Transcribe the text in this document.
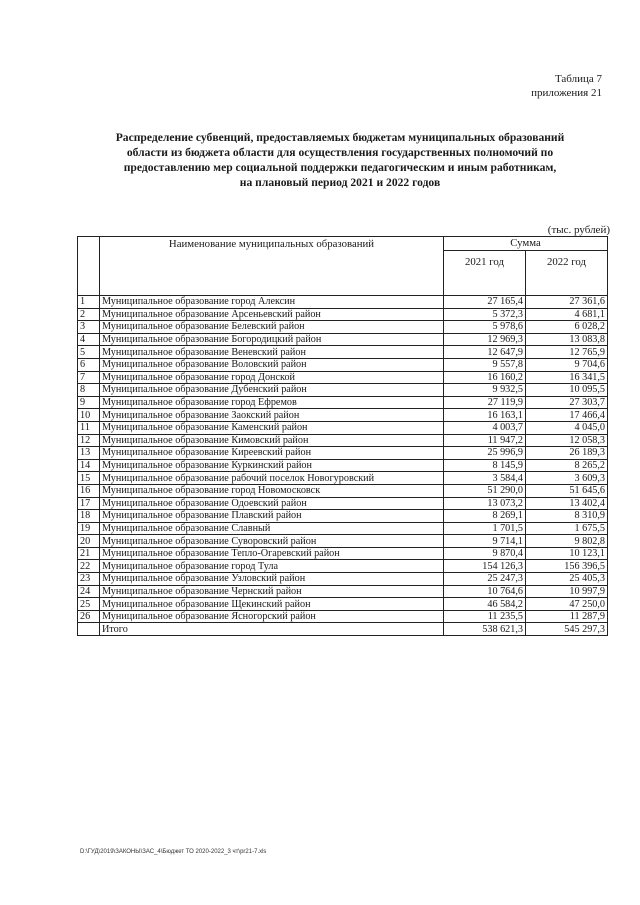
Таблица 7
приложения 21
Распределение субвенций, предоставляемых бюджетам муниципальных образований
области из бюджета области для осуществления государственных полномочий по
предоставлению мер социальной поддержки педагогическим и иным работникам,
на плановый период 2021 и 2022 годов
(тыс. рублей)
	Наименование муниципальных образований	Сумма	
		2021 год	2022 год
1	Муниципальное образование город Алексин	27 165,4	27 361,6
2	Муниципальное образование Арсеньевский район	5 372,3	4 681,1
3	Муниципальное образование Белевский район	5 978,6	6 028,2
4	Муниципальное образование Богородицкий район	12 969,3	13 083,8
5	Муниципальное образование Веневский район	12 647,9	12 765,9
6	Муниципальное образование Воловский район	9 557,8	9 704,6
7	Муниципальное образование город Донской	16 160,2	16 341,5
8	Муниципальное образование Дубенский район	9 932,5	10 095,5
9	Муниципальное образование город Ефремов	27 119,9	27 303,7
10	Муниципальное образование Заокский район	16 163,1	17 466,4
11	Муниципальное образование Каменский район	4 003,7	4 045,0
12	Муниципальное образование Кимовский район	11 947,2	12 058,3
13	Муниципальное образование Киреевский район	25 996,9	26 189,3
14	Муниципальное образование Куркинский район	8 145,9	8 265,2
15	Муниципальное образование рабочий поселок Новогуровский	3 584,4	3 609,3
16	Муниципальное образование город Новомосковск	51 290,0	51 645,6
17	Муниципальное образование Одоевский район	13 073,2	13 402,4
18	Муниципальное образование Плавский район	8 269,1	8 310,9
19	Муниципальное образование Славный	1 701,5	1 675,5
20	Муниципальное образование Суворовский район	9 714,1	9 802,8
21	Муниципальное образование Тепло-Огаревский район	9 870,4	10 123,1
22	Муниципальное образование город Тула	154 126,3	156 396,5
23	Муниципальное образование Узловский район	25 247,3	25 405,3
24	Муниципальное образование Чернский район	10 764,6	10 997,9
25	Муниципальное образование Щекинский район	46 584,2	47 250,0
26	Муниципальное образование Ясногорский район	11 235,5	11 287,9
	Итого	538 621,3	545 297,3
D:\ГУД\2019\ЗАКОНЫ\ЗАС_4\Бюджет ТО 2020-2022_3 чт\pr21-7.xls
